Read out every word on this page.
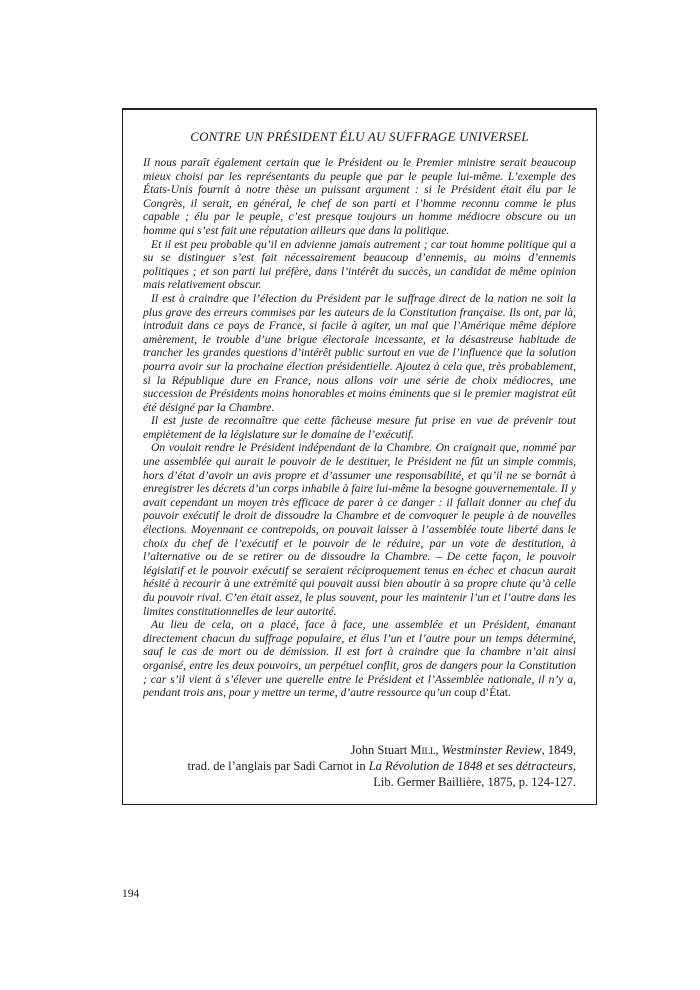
CONTRE UN PRÉSIDENT ÉLU AU SUFFRAGE UNIVERSEL

Il nous paraît également certain que le Président ou le Premier ministre serait beaucoup mieux choisi par les représentants du peuple que par le peuple lui-même. L’exemple des États-Unis fournit à notre thèse un puissant argument : si le Président était élu par le Congrès, il serait, en général, le chef de son parti et l’homme reconnu comme le plus capable ; élu par le peuple, c’est presque toujours un homme médiocre obscure ou un homme qui s’est fait une réputation ailleurs que dans la politique.

Et il est peu probable qu’il en advienne jamais autrement ; car tout homme politique qui a su se distinguer s’est fait nécessairement beaucoup d’ennemis, au moins d’ennemis politiques ; et son parti lui préfère, dans l’intérêt du succès, un candidat de même opinion mais relativement obscur.

Il est à craindre que l’élection du Président par le suffrage direct de la nation ne soit la plus grave des erreurs commises par les auteurs de la Constitution française. Ils ont, par là, introduit dans ce pays de France, si facile à agiter, un mal que l’Amérique même déplore amèrement, le trouble d’une brigue électorale incessante, et la désastreuse habitude de trancher les grandes questions d’intérêt public surtout en vue de l’influence que la solution pourra avoir sur la prochaine élection présidentielle. Ajoutez à cela que, très probablement, si la République dure en France, nous allons voir une série de choix médiocres, une succession de Présidents moins honorables et moins éminents que si le premier magistrat eût été désigné par la Chambre.

Il est juste de reconnaître que cette fâcheuse mesure fut prise en vue de prévenir tout empiètement de la législature sur le domaine de l’exécutif.

On voulait rendre le Président indépendant de la Chambre. On craignait que, nommé par une assemblée qui aurait le pouvoir de le destituer, le Président ne fût un simple commis, hors d’état d’avoir un avis propre et d’assumer une responsabilité, et qu’il ne se bornât à enregistrer les décrets d’un corps inhabile à faire lui-même la besogne gouvernementale. Il y avait cependant un moyen très efficace de parer à ce danger : il fallait donner au chef du pouvoir exécutif le droit de dissoudre la Chambre et de convoquer le peuple à de nouvelles élections. Moyennant ce contrepoids, on pouvait laisser à l’assemblée toute liberté dans le choix du chef de l’exécutif et le pouvoir de le réduire, par un vote de destitution, à l’alternative ou de se retirer ou de dissoudre la Chambre. – De cette façon, le pouvoir législatif et le pouvoir exécutif se seraient réciproquement tenus en échec et chacun aurait hésité à recourir à une extrémité qui pouvait aussi bien aboutir à sa propre chute qu’à celle du pouvoir rival. C’en était assez, le plus souvent, pour les maintenir l’un et l’autre dans les limites constitutionnelles de leur autorité.

Au lieu de cela, on a placé, face à face, une assemblée et un Président, émanant directement chacun du suffrage populaire, et élus l’un et l’autre pour un temps déterminé, sauf le cas de mort ou de démission. Il est fort à craindre que la chambre n’ait ainsi organisé, entre les deux pouvoirs, un perpétuel conflit, gros de dangers pour la Constitution ; car s’il vient à s’élever une querelle entre le Président et l’Assemblée nationale, il n’y a, pendant trois ans, pour y mettre un terme, d’autre ressource qu’un coup d’État.

John Stuart Mill, Westminster Review, 1849,
trad. de l’anglais par Sadi Carnot in La Révolution de 1848 et ses détracteurs,
Lib. Germer Baillière, 1875, p. 124-127.
194
